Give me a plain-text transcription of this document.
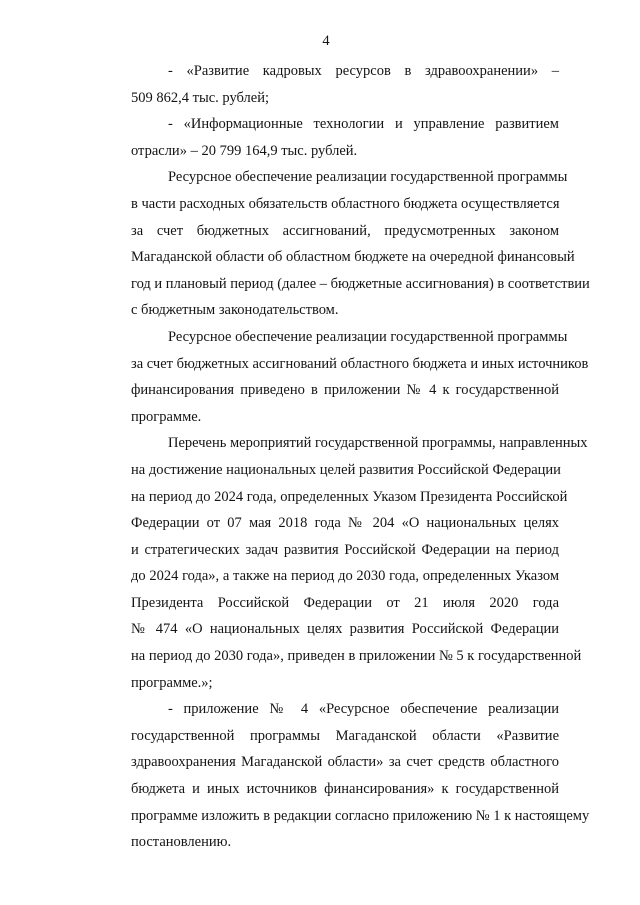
4
- «Развитие кадровых ресурсов в здравоохранении» –
509 862,4 тыс. рублей;
- «Информационные технологии и управление развитием
отрасли» – 20 799 164,9 тыс. рублей.
Ресурсное обеспечение реализации государственной программы
в части расходных обязательств областного бюджета осуществляется
за счет бюджетных ассигнований, предусмотренных законом
Магаданской области об областном бюджете на очередной финансовый
год и плановый период (далее – бюджетные ассигнования) в соответствии
с бюджетным законодательством.
Ресурсное обеспечение реализации государственной программы
за счет бюджетных ассигнований областного бюджета и иных источников
финансирования приведено в приложении № 4 к государственной
программе.
Перечень мероприятий государственной программы, направленных
на достижение национальных целей развития Российской Федерации
на период до 2024 года, определенных Указом Президента Российской
Федерации от 07 мая 2018 года № 204 «О национальных целях
и стратегических задач развития Российской Федерации на период
до 2024 года», а также на период до 2030 года, определенных Указом
Президента Российской Федерации от 21 июля 2020 года
№ 474 «О национальных целях развития Российской Федерации
на период до 2030 года», приведен в приложении № 5 к государственной
программе.»;
- приложение № 4 «Ресурсное обеспечение реализации
государственной программы Магаданской области «Развитие
здравоохранения Магаданской области» за счет средств областного
бюджета и иных источников финансирования» к государственной
программе изложить в редакции согласно приложению № 1 к настоящему
постановлению.
